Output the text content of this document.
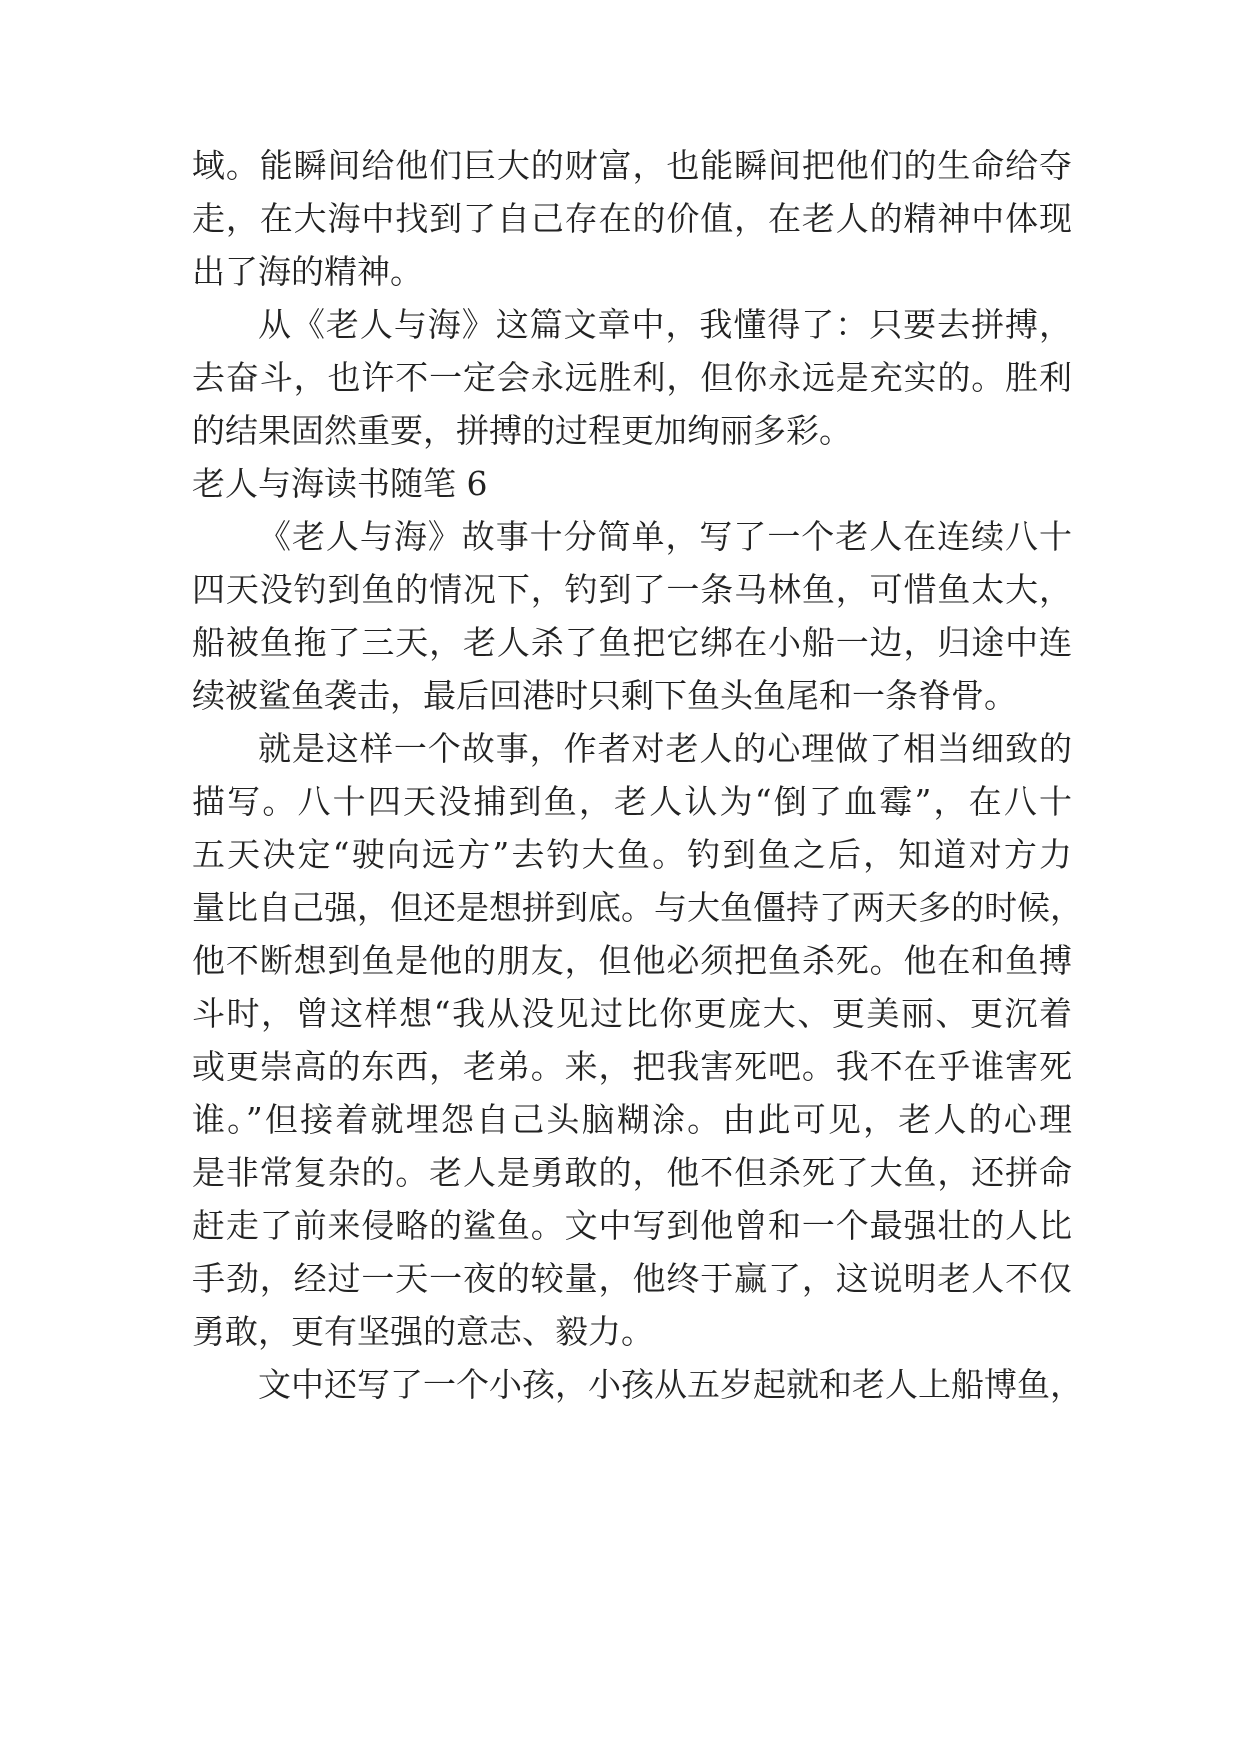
域。能瞬间给他们巨大的财富，也能瞬间把他们的生命给夺
走，在大海中找到了自己存在的价值，在老人的精神中体现
出了海的精神。
从《老人与海》这篇文章中，我懂得了：只要去拼搏，
去奋斗，也许不一定会永远胜利，但你永远是充实的。胜利
的结果固然重要，拼搏的过程更加绚丽多彩。
老人与海读书随笔 6
《老人与海》故事十分简单，写了一个老人在连续八十
四天没钓到鱼的情况下，钓到了一条马林鱼，可惜鱼太大，
船被鱼拖了三天，老人杀了鱼把它绑在小船一边，归途中连
续被鲨鱼袭击，最后回港时只剩下鱼头鱼尾和一条脊骨。
就是这样一个故事，作者对老人的心理做了相当细致的
描写。八十四天没捕到鱼，老人认为“倒了血霉”，在八十
五天决定“驶向远方”去钓大鱼。钓到鱼之后，知道对方力
量比自己强，但还是想拼到底。与大鱼僵持了两天多的时候，
他不断想到鱼是他的朋友，但他必须把鱼杀死。他在和鱼搏
斗时，曾这样想“我从没见过比你更庞大、更美丽、更沉着
或更崇高的东西，老弟。来，把我害死吧。我不在乎谁害死
谁。”但接着就埋怨自己头脑糊涂。由此可见，老人的心理
是非常复杂的。老人是勇敢的，他不但杀死了大鱼，还拼命
赶走了前来侵略的鲨鱼。文中写到他曾和一个最强壮的人比
手劲，经过一天一夜的较量，他终于赢了，这说明老人不仅
勇敢，更有坚强的意志、毅力。
文中还写了一个小孩，小孩从五岁起就和老人上船博鱼，
